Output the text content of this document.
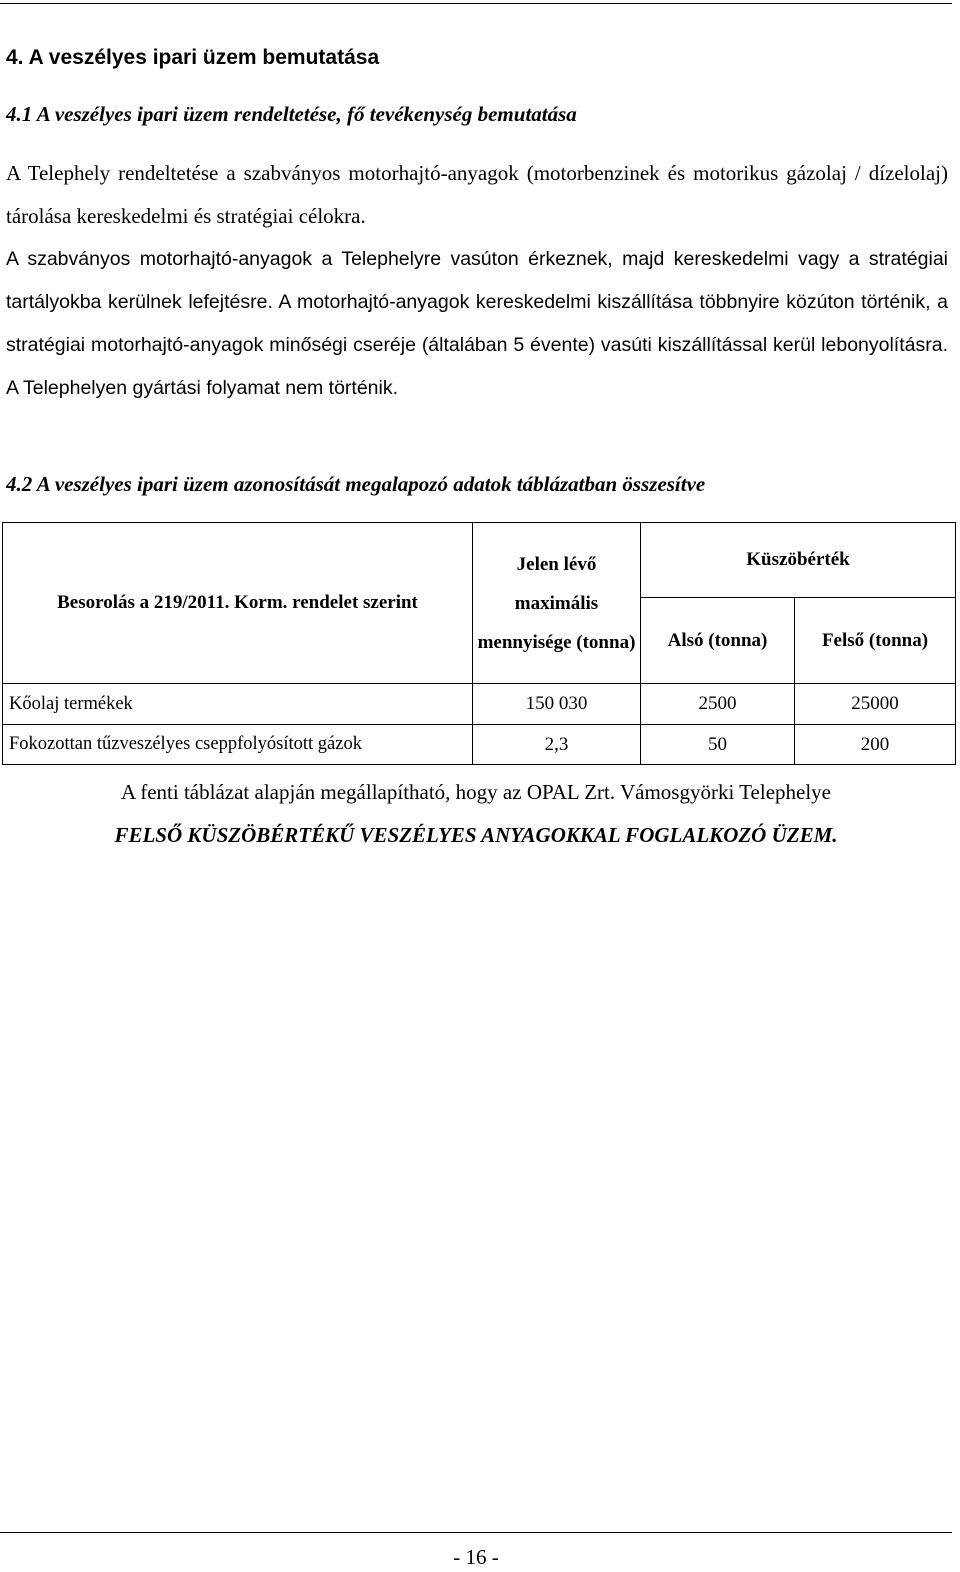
4. A veszélyes ipari üzem bemutatása
4.1 A veszélyes ipari üzem rendeltetése, fő tevékenység bemutatása

A Telephely rendeltetése a szabványos motorhajtó-anyagok (motorbenzinek és motorikus gázolaj / dízelolaj) tárolása kereskedelmi és stratégiai célokra.

A szabványos motorhajtó-anyagok a Telephelyre vasúton érkeznek, majd kereskedelmi vagy a stratégiai tartályokba kerülnek lefejtésre. A motorhajtó-anyagok kereskedelmi kiszállítása többnyire közúton történik, a stratégiai motorhajtó-anyagok minőségi cseréje (általában 5 évente) vasúti kiszállítással kerül lebonyolításra. A Telephelyen gyártási folyamat nem történik.

4.2 A veszélyes ipari üzem azonosítását megalapozó adatok táblázatban összesítve
Besorolás a 219/2011. Korm. rendelet szerint	Jelen lévő maximális mennyisége (tonna)	Küszöbérték	
		Alsó (tonna)	Felső (tonna)
Kőolaj termékek	150 030	2500	25000
Fokozottan tűzveszélyes cseppfolyósított gázok	2,3	50	200
A fenti táblázat alapján megállapítható, hogy az OPAL Zrt. Vámosgyörki Telephelye
FELSŐ KÜSZÖBÉRTÉKŰ VESZÉLYES ANYAGOKKAL FOGLALKOZÓ ÜZEM.
- 16 -
